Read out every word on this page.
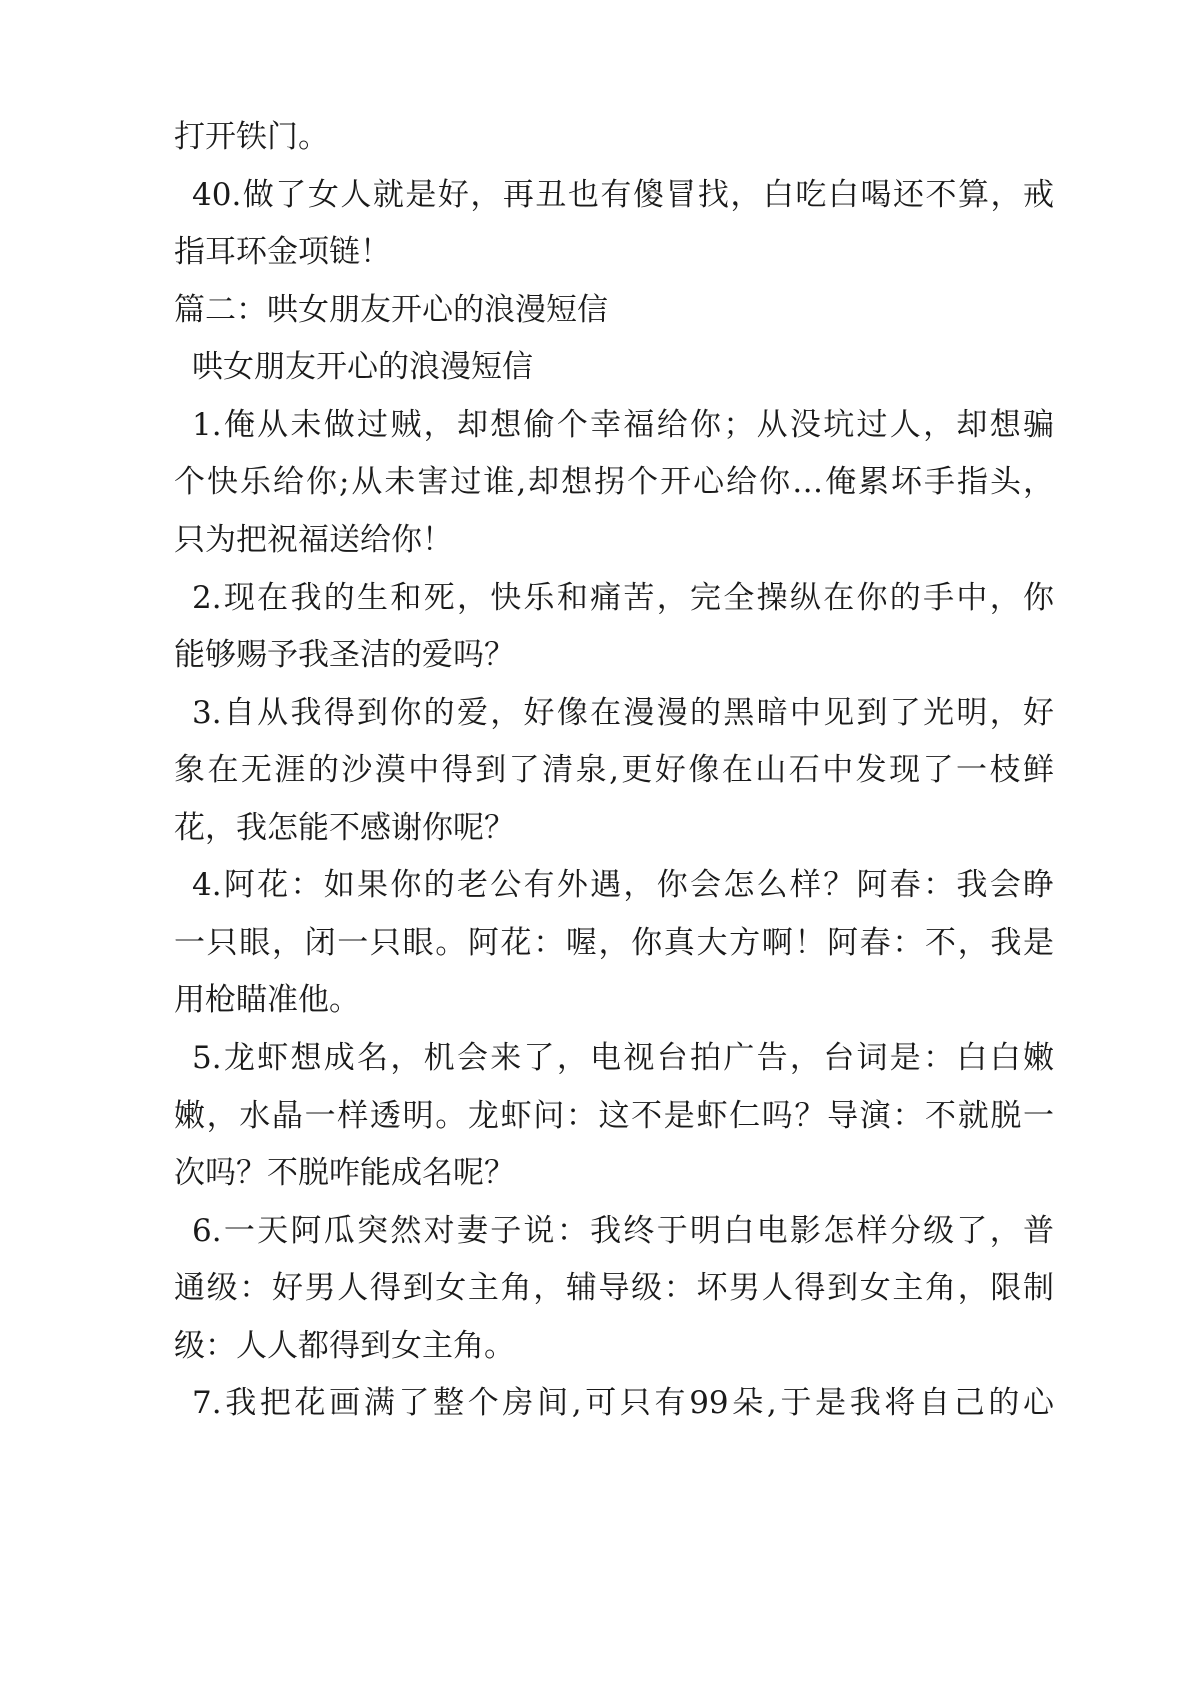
打开铁门。
40.做了女人就是好，再丑也有傻冒找，白吃白喝还不算，戒
指耳环金项链！
篇二：哄女朋友开心的浪漫短信
哄女朋友开心的浪漫短信
1.俺从未做过贼，却想偷个幸福给你；从没坑过人，却想骗
个快乐给你;从未害过谁,却想拐个开心给你…俺累坏手指头，
只为把祝福送给你！
2.现在我的生和死，快乐和痛苦，完全操纵在你的手中，你
能够赐予我圣洁的爱吗？
3.自从我得到你的爱，好像在漫漫的黑暗中见到了光明，好
象在无涯的沙漠中得到了清泉,更好像在山石中发现了一枝鲜
花，我怎能不感谢你呢？
4.阿花：如果你的老公有外遇，你会怎么样？阿春：我会睁
一只眼，闭一只眼。阿花：喔，你真大方啊！阿春：不，我是
用枪瞄准他。
5.龙虾想成名，机会来了，电视台拍广告，台词是：白白嫩
嫩，水晶一样透明。龙虾问：这不是虾仁吗？导演：不就脱一
次吗？不脱咋能成名呢？
6.一天阿瓜突然对妻子说：我终于明白电影怎样分级了，普
通级：好男人得到女主角，辅导级：坏男人得到女主角，限制
级：人人都得到女主角。
7.我把花画满了整个房间,可只有99朵,于是我将自己的心
